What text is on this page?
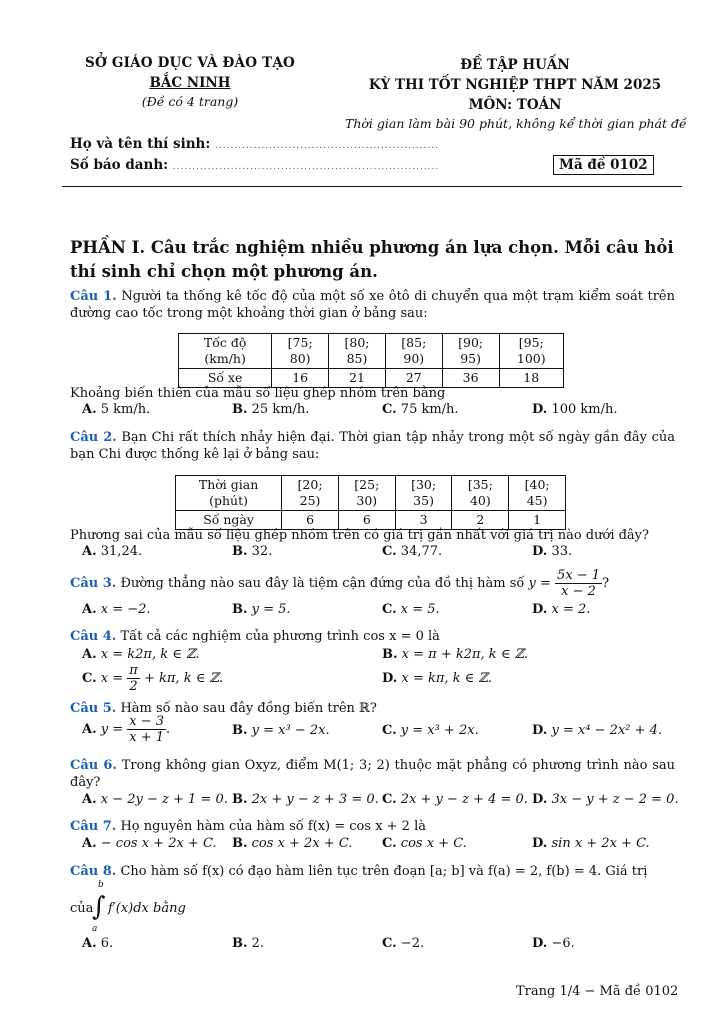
SỞ GIÁO DỤC VÀ ĐÀO TẠO
BẮC NINH
(Đề có 4 trang)
ĐỀ TẬP HUẤN
KỲ THI TỐT NGHIỆP THPT NĂM 2025
MÔN: TOÁN
Thời gian làm bài 90 phút, không kể thời gian phát đề
Họ và tên thí sinh: ..........................................................
Số báo danh: .....................................................................	Mã đề 0102
PHẦN I. Câu trắc nghiệm nhiều phương án lựa chọn. Mỗi câu hỏi thí sinh chỉ chọn một phương án.
Câu 1. Người ta thống kê tốc độ của một số xe ôtô di chuyển qua một trạm kiểm soát trên đường cao tốc trong một khoảng thời gian ở bảng sau:
Tốc độ (km/h)	[75; 80)	[80; 85)	[85; 90)	[90; 95)	[95; 100)
Số xe	16	21	27	36	18
Khoảng biến thiên của mẫu số liệu ghép nhóm trên bằng
A. 5 km/h.	B. 25 km/h.	C. 75 km/h.	D. 100 km/h.
Câu 2. Bạn Chi rất thích nhảy hiện đại. Thời gian tập nhảy trong một số ngày gần đây của bạn Chi được thống kê lại ở bảng sau:
Thời gian (phút)	[20; 25)	[25; 30)	[30; 35)	[35; 40)	[40; 45)
Số ngày	6	6	3	2	1
Phương sai của mẫu số liệu ghép nhóm trên có giá trị gần nhất với giá trị nào dưới đây?
A. 31,24.	B. 32.	C. 34,77.	D. 33.
Câu 3. Đường thẳng nào sau đây là tiệm cận đứng của đồ thị hàm số $y = \frac{5x - 1}{x - 2}$ ?
A. x = −2.	B. y = 5.	C. x = 5.	D. x = 2.
Câu 4. Tất cả các nghiệm của phương trình cos x = 0 là
A. x = k2π, k ∈ ℤ.	B. x = π + k2π, k ∈ ℤ.
C. $x = \frac{\pi}{2} + k\pi$, k ∈ ℤ.	D. x = kπ, k ∈ ℤ.
Câu 5. Hàm số nào sau đây đồng biến trên ℝ?
A. $y = \frac{x - 3}{x + 1}$ .	B. y = x³ − 2x.	C. y = x³ + 2x.	D. y = x⁴ − 2x² + 4.
Câu 6. Trong không gian Oxyz, điểm M(1; 3; 2) thuộc mặt phẳng có phương trình nào sau đây?
A. x − 2y − z + 1 = 0. B. 2x + y − z + 3 = 0. C. 2x + y − z + 4 = 0. D. 3x − y + z − 2 = 0.
Câu 7. Họ nguyên hàm của hàm số f(x) = cos x + 2 là
A. − cos x + 2x + C. B. cos x + 2x + C. C. cos x + C.	D. sin x + 2x + C.
Câu 8. Cho hàm số f(x) có đạo hàm liên tục trên đoạn [a; b] và f(a) = 2, f(b) = 4. Giá trị
của
b
∫
a
f′(x)dx bằng
A. 6.	B. 2.	C. −2.	D. −6.
Trang 1/4 − Mã đề 0102
